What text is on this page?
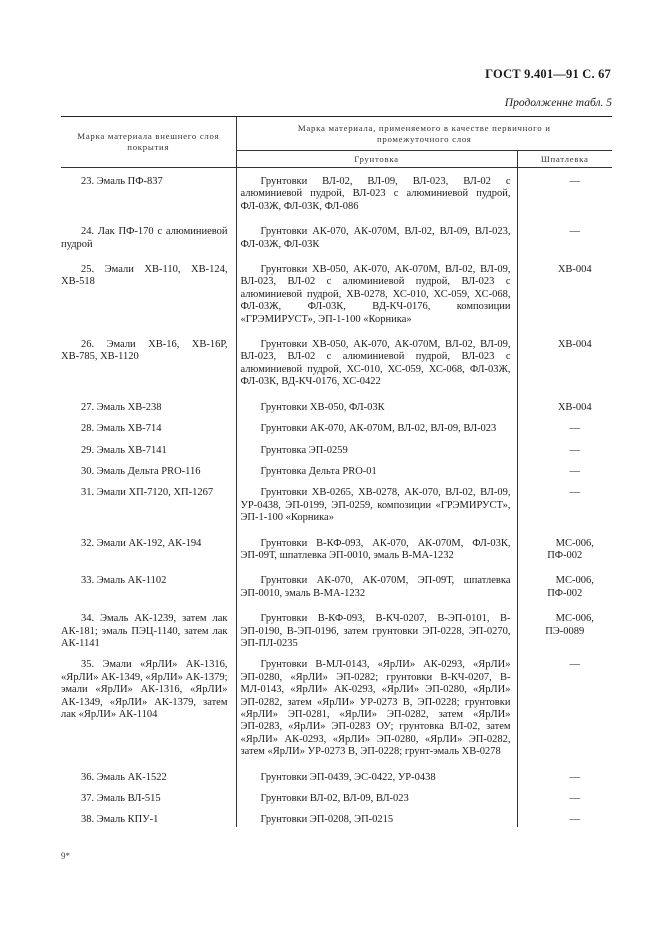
ГОСТ 9.401—91 С. 67
Продолженне табл. 5
Марка материала внешнего слоя покрытия	Марка материала, применяемого в качестве первичного и промежуточного слоя	
	Грунтовка	Шпатлевка

23. Эмаль ПФ-837	Грунтовки ВЛ-02, ВЛ-09, ВЛ-023, ВЛ-02 с алюминиевой пудрой, ВЛ-023 с алюминиевой пудрой, ФЛ-03Ж, ФЛ-03К, ФЛ-086	—

24. Лак ПФ-170 с алюминиевой пудрой	Грунтовки АК-070, АК-070М, ВЛ-02, ВЛ-09, ВЛ-023, ФЛ-03Ж, ФЛ-03К	—

25. Эмали ХВ-110, ХВ-124, ХВ-518	Грунтовки ХВ-050, АК-070, АК-070М, ВЛ-02, ВЛ-09, ВЛ-023, ВЛ-02 с алюминиевой пудрой, ВЛ-023 с алюминиевой пудрой, ХВ-0278, ХС-010, ХС-059, ХС-068, ФЛ-03Ж, ФЛ-03К, ВД-КЧ-0176, композиции «ГРЭМИРУСТ», ЭП-1-100 «Корника»	ХВ-004

26. Эмали ХВ-16, ХВ-16Р, ХВ-785, ХВ-1120	Грунтовки ХВ-050, АК-070, АК-070М, ВЛ-02, ВЛ-09, ВЛ-023, ВЛ-02 с алюминиевой пудрой, ВЛ-023 с алюминиевой пудрой, ХС-010, ХС-059, ХС-068, ФЛ-03Ж, ФЛ-03К, ВД-КЧ-0176, ХС-0422	ХВ-004

27. Эмаль ХВ-238	Грунтовки ХВ-050, ФЛ-03К	ХВ-004

28. Эмаль ХВ-714	Грунтовки АК-070, АК-070М, ВЛ-02, ВЛ-09, ВЛ-023	—

29. Эмаль ХВ-7141	Грунтовка ЭП-0259	—

30. Эмаль Дельта PRO-116	Грунтовка Дельта PRO-01	—

31. Эмали ХП-7120, ХП-1267	Грунтовки ХВ-0265, ХВ-0278, АК-070, ВЛ-02, ВЛ-09, УР-0438, ЭП-0199, ЭП-0259, композиции «ГРЭМИРУСТ», ЭП-1-100 «Корника»	—

32. Эмали АК-192, АК-194	Грунтовки В-КФ-093, АК-070, АК-070М, ФЛ-03К, ЭП-09Т, шпатлевка ЭП-0010, эмаль В-МА-1232	МС-006, ПФ-002

33. Эмаль АК-1102	Грунтовки АК-070, АК-070М, ЭП-09Т, шпатлевка ЭП-0010, эмаль В-МА-1232	МС-006, ПФ-002

34. Эмаль АК-1239, затем лак АК-181; эмаль ПЭЦ-1140, затем лак АК-1141	Грунтовки В-КФ-093, В-КЧ-0207, В-ЭП-0101, В-ЭП-0190, В-ЭП-0196, затем грунтовки ЭП-0228, ЭП-0270, ЭП-ПЛ-0235	МС-006, ПЭ-0089

35. Эмали «ЯрЛИ» АК-1316, «ЯрЛИ» АК-1349, «ЯрЛИ» АК-1379; эмали «ЯрЛИ» АК-1316, «ЯрЛИ» АК-1349, «ЯрЛИ» АК-1379, затем лак «ЯрЛИ» АК-1104	Грунтовки В-МЛ-0143, «ЯрЛИ» АК-0293, «ЯрЛИ» ЭП-0280, «ЯрЛИ» ЭП-0282; грунтовки В-КЧ-0207, В-МЛ-0143, «ЯрЛИ» АК-0293, «ЯрЛИ» ЭП-0280, «ЯрЛИ» ЭП-0282, затем «ЯрЛИ» УР-0273 В, ЭП-0228; грунтовки «ЯрЛИ» ЭП-0281, «ЯрЛИ» ЭП-0282, затем «ЯрЛИ» ЭП-0283, «ЯрЛИ» ЭП-0283 ОУ; грунтовка ВЛ-02, затем «ЯрЛИ» АК-0293, «ЯрЛИ» ЭП-0280, «ЯрЛИ» ЭП-0282, затем «ЯрЛИ» УР-0273 В, ЭП-0228; грунт-эмаль ХВ-0278	—

36. Эмаль АК-1522	Грунтовки ЭП-0439, ЭС-0422, УР-0438	—

37. Эмаль ВЛ-515	Грунтовки ВЛ-02, ВЛ-09, ВЛ-023	—

38. Эмаль КПУ-1	Грунтовки ЭП-0208, ЭП-0215	—
9*
